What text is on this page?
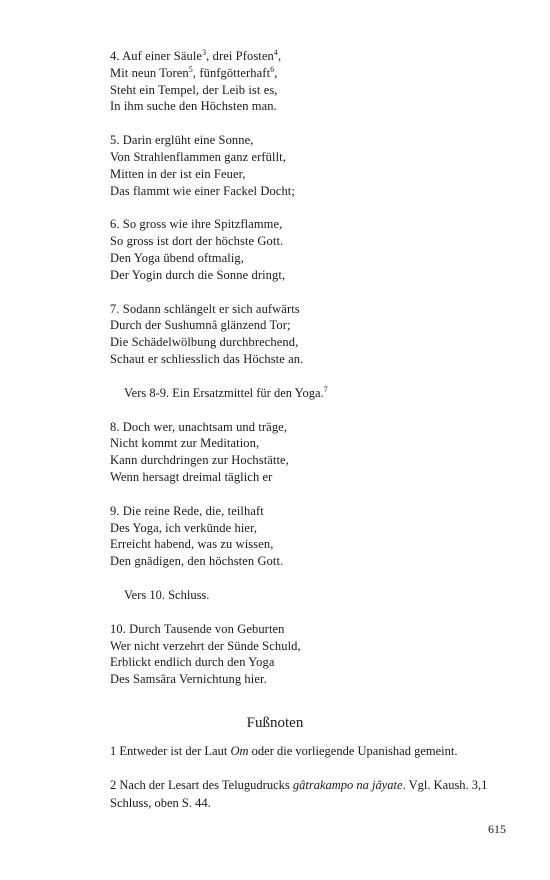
4. Auf einer Säule$^3$, drei Pfosten$^4$,
Mit neun Toren$^5$, fünfgötterhaft$^6$,
Steht ein Tempel, der Leib ist es,
In ihm suche den Höchsten man.
5. Darin erglüht eine Sonne,
Von Strahlenflammen ganz erfüllt,
Mitten in der ist ein Feuer,
Das flammt wie einer Fackel Docht;
6. So gross wie ihre Spitzflamme,
So gross ist dort der höchste Gott.
Den Yoga übend oftmalig,
Der Yogin durch die Sonne dringt,
7. Sodann schlängelt er sich aufwärts
Durch der Sushumnâ glänzend Tor;
Die Schädelwölbung durchbrechend,
Schaut er schliesslich das Höchste an.
Vers 8-9. Ein Ersatzmittel für den Yoga.$^7$
8. Doch wer, unachtsam und träge,
Nicht kommt zur Meditation,
Kann durchdringen zur Hochstätte,
Wenn hersagt dreimal täglich er
9. Die reine Rede, die, teilhaft
Des Yoga, ich verkünde hier,
Erreicht habend, was zu wissen,
Den gnädigen, den höchsten Gott.
Vers 10. Schluss.
10. Durch Tausende von Geburten
Wer nicht verzehrt der Sünde Schuld,
Erblickt endlich durch den Yoga
Des Samsâra Vernichtung hier.
Fußnoten
1 Entweder ist der Laut Om oder die vorliegende Upanishad gemeint.
2 Nach der Lesart des Telugudrucks gâtrakampo na jâyate. Vgl. Kaush. 3,1 Schluss, oben S. 44.
615
